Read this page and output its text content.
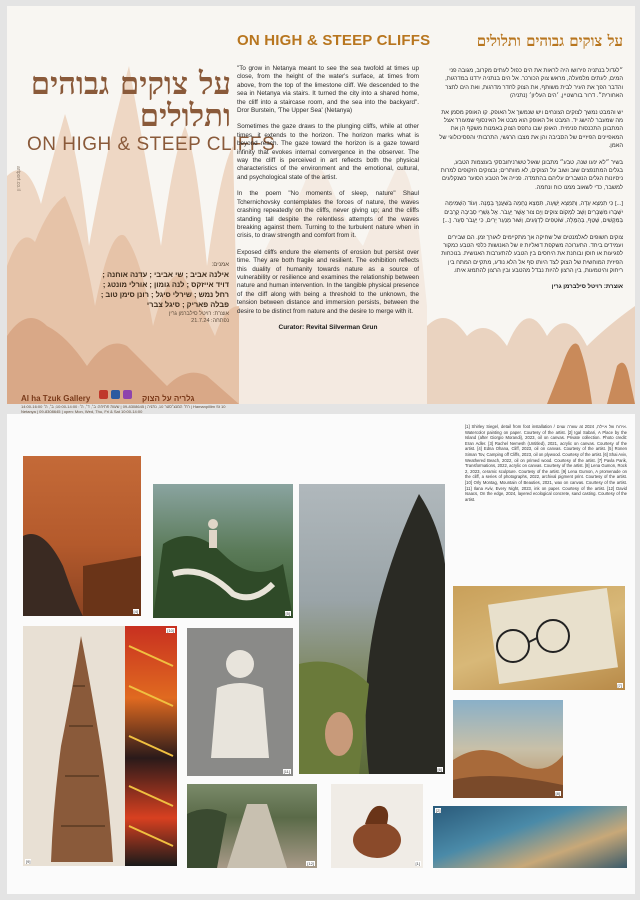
על צוקים גבוהים ותלולים
ON HIGH & STEEP CLIFFS
artport.co.il
אמנים:
אילנה אביב ; שי אביבי ; עדנה אוחנה ;
דויד אייזקס ; לנה גומון ; אורלי מונטג ;
רחל נמש ; שירלי סיגל ; רונן סימן טוב ;
פבלה פאריק ; סיגל צברי
אוצרת: רויטל סילברמן גרין
נפתחה: 21.7.24
Al ha Tzuk Gallery	גלריה על הצוק
רח׳ המנצ׳סטר 10, נתניה | 09-8308645 | שעות פתיחה: ב׳, ד׳, ה׳: 10:00-14:00; ב׳, ה׳ 14:00-16:00 | Hamanpillim St 10 Netanya | 09-8308645 | open: Mon, Wed, Thu, Fri & Sat 10:00-14:00
ON HIGH & STEEP CLIFFS

"To grow in Netanya meant to see the sea twofold at times up close, from the height of the water's surface, at times from above, from the top of the limestone cliff. We descended to the sea in Netanya via stairs. It turned the city into a shared home, the cliff into a staircase room, and the sea into the backyard". Dror Burstein, 'The Upper Sea' (Netanya)

Sometimes the gaze draws to the plunging cliffs, while at other times, it extends to the horizon. The horizon marks what is beyond reach. The gaze toward the horizon is a gaze toward infinity that evokes internal convergence in the observer. The way the cliff is perceived in art reflects both the physical characteristics of the environment and the emotional, cultural, and psychological state of the artist.

In the poem "No moments of sleep, nature" Shaul Tchernichovsky contemplates the forces of nature, the waves crashing repeatedly on the cliffs, never giving up; and the cliffs standing tall despite the relentless attempts of the waves breaking against them. Turning to the turbulent nature when in crisis, to draw strength and comfort from it.

Exposed cliffs endure the elements of erosion but persist over time. They are both fragile and resilient. The exhibition reflects this duality of humanity towards nature as a source of vulnerability or resilience and examines the relationship between nature and human intervention. In the tangible physical presence of the cliff along with being a threshold to the unknown, the tension between distance and immersion persists, between the desire to be distinct from nature and the desire to merge with it.

Curator: Revital Silverman Grun
על צוקים גבוהים ותלולים

״לגדול בנתניה פירושו היה לראות את הים כפול לעתים מקרוב, מגובה פני המים, לעתים מלמעלה, מראש צוק הכורכר. אל הים בנתניה ירדנו במדרגות, והדבר הפך את העיר לבית משותף, את הצוק לחדר מדרגות, ואת הים לחצר האחורית״. דרור בורשטיין, ׳הים העליון׳ (נתניה)

יש והמבט נמשך לצוקים הצונחים ויש שנמשך אל האופק. קו האופק מסמן את מה שמעבר להישג יד. המבט אל האופק הוא מבט אל האינסוף שמעורר אצל המתבונן התכנסות פנימית. האופן שבו נתפס הצוק באמנות משקף הן את המאפיינים הפיזיים של הסביבה והן את מצבו הרגשי, התרבותי והפסיכולוגי של האמן.

בשיר ״לא ינעו שנה, טבע״ מתבונן שאול טשרניחובסקי בעוצמות הטבע, בגלים המתנפצים שוב ושוב על הצוקים, לא מוותרים; ובצוקים הזקופים למרות ניסיונות הגלים הנשברים עליהם בהתמדה. פנייה אל הטבע הסוער כשנקלעים למשבר, כדי לשאוב ממנו כוח ונחמה.

[...] כִּי תִמְצָא עֵדָה, וְתִמְצָא יְשֻׁעָה, תִּמְצָא נֶחָמָה בְּשִׁעֲנֵךְ בָּמֶנָּה. וְעוֹד הַשְׁמִימָה יִשְׁבְּרוּ מִשְׁבָּרִים וְשָׁב לִמְקוֹם צוּקִים וְיָם צוּר אֲשֶׁר יַעֲבֹר. אֶל גַּשְׁרֵי סְבִיבָה קְרָבִים בַּמִּקָּשִׁים, שֶׁטֶף, בְּהַמֻּלָּה, שׁוֹטְפִים לְדַגָּעִים, וְשׁוּר מְנַעֵר יָרִים, כִּי יַעֲבֹר סַעַר. [...]

צוקים חשופים לאלמנטים של שחיקה אך מתקיימים לאורך זמן. הם שבירים ועמידים ביחד. התערוכה משקפת דואליות זו של האנושות כלפי הטבע כמקור לפגיעות או חוסן ובוחנת את היחסים בין הטבע להתערבות האנושית. בנוכחות הפיזית המוחשית של הצוק לצד היותו סף אל הלא נודע, מתקיים המתח בין ריחוק והיטמעות, בין הרצון להיות נבדל מהטבע ובין הרצון להתמזג איתו.

אוצרת: רויטל סילברמן גרין
[4]	[5]
[6]
[1] Shirley Siegel, detail from foot installation / עשרה עצים at אירוח של איילת, 2024. Watercolor painting on paper. Courtesy of the artist. [2] Igal Sabari, A Place by the Island (after Giorgio Morandi), 2023, oil on canvas. Private collection. Photo credit: Eran Adler. [3] Rachel Nemesh (Untitled), 2021, acrylic on canvas. Courtesy of the artist. [4] Edna Ohana, Cliff, 2023, oil on canvas. Courtesy of the artist. [5] Ronen Siman Tov, Camping off Cliffs, 2023, oil on plywood. Courtesy of the artist. [6] Shai Aviv, Weathered Beach, 2022, oil on primed wood. Courtesy of the artist. [7] Pavla Parik, Transformations, 2022, acrylic on canvas. Courtesy of the artist. [8] Lena Gumon, Rock 2, 2023, ceramic sculpture. Courtesy of the artist. [9] Lena Gumon, A promenade on the cliff, a series of photographs, 2022, archival pigment print. Courtesy of the artist. [10] Orly Montag, Mountain of Beauties, 2021, wax on canvas. Courtesy of the artist. [11] Ilana Aviv, Every Night, 2023, ink on paper. Courtesy of the artist. [12] David Isaacs, On the edge, 2024, layered ecological concrete, sand casting. Courtesy of the artist.
[7]
[8]
[9]
[10]
[11]
[12]	[1]
[2]
